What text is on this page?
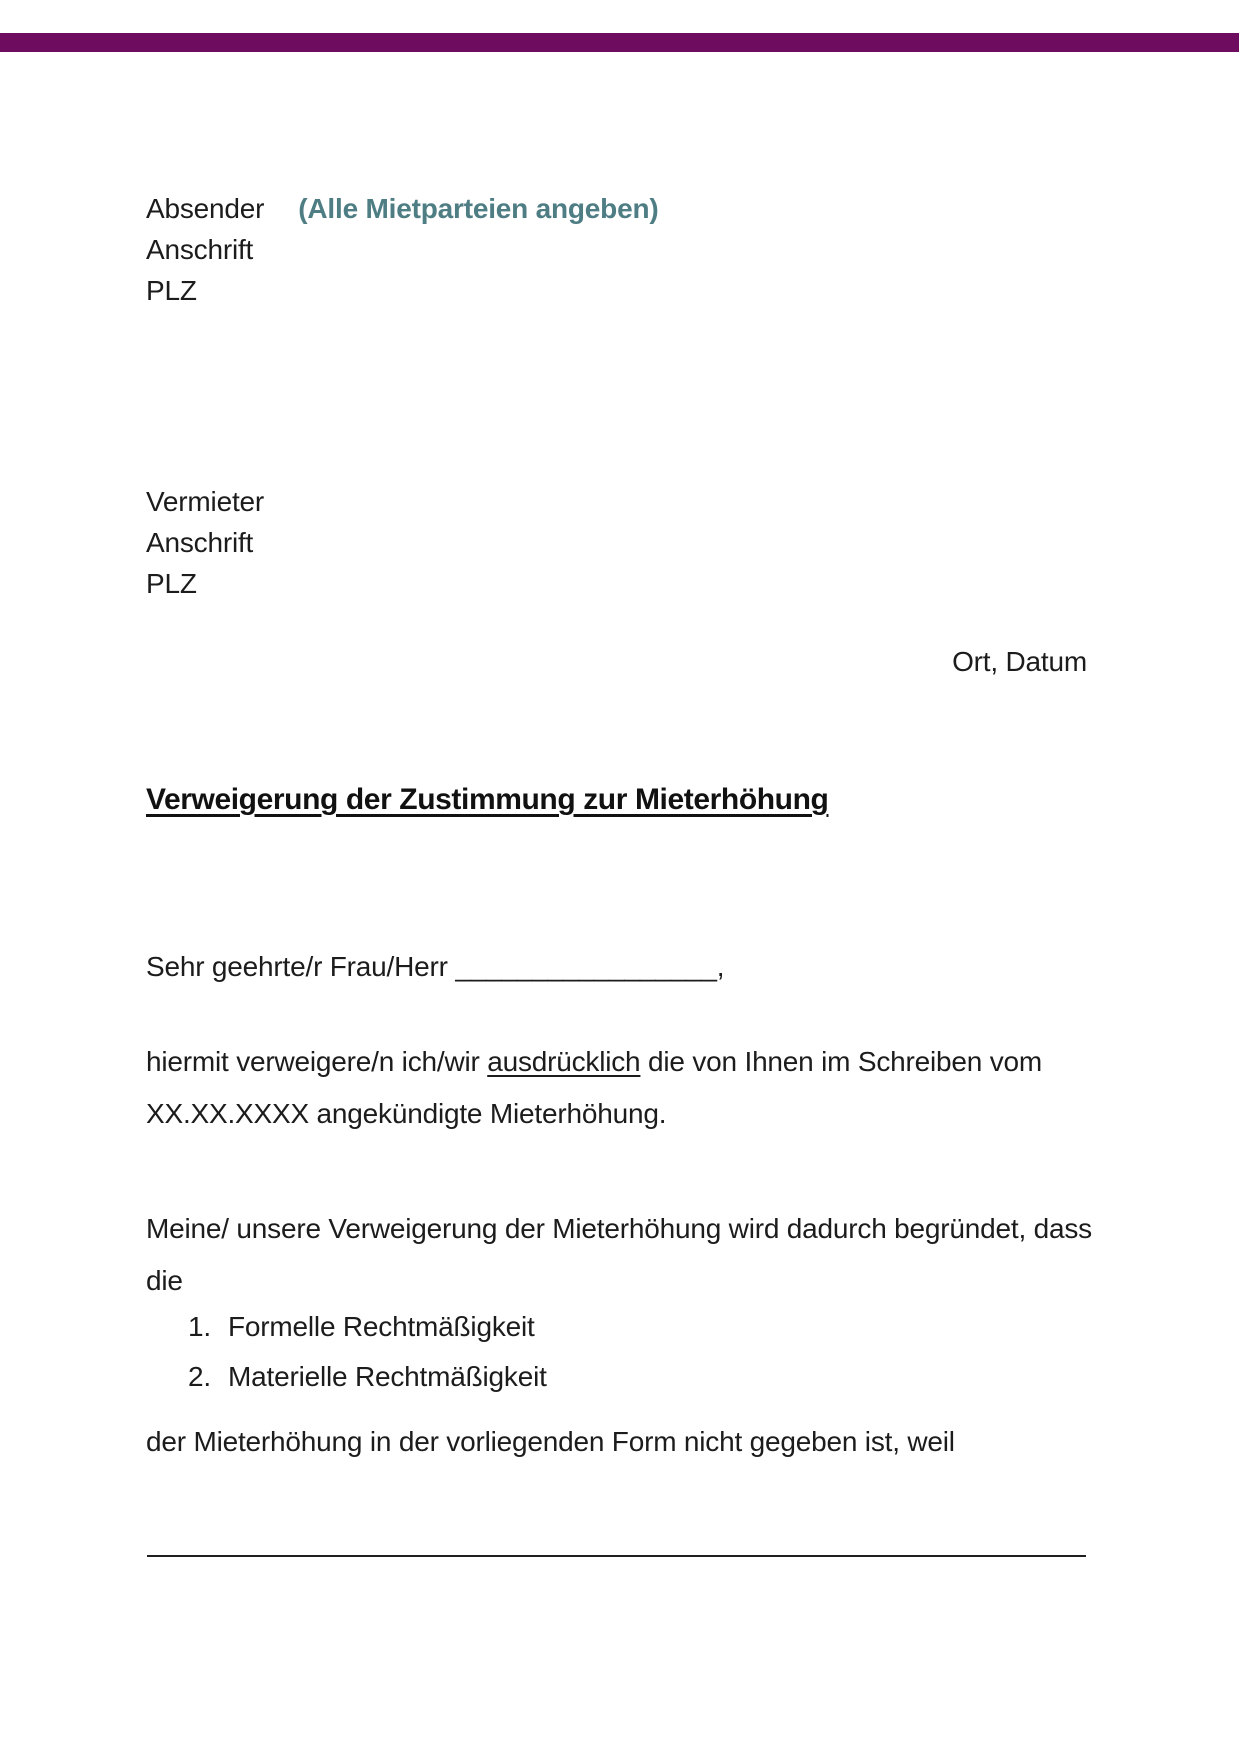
Absender (Alle Mietparteien angeben)
Anschrift
PLZ
Vermieter
Anschrift
PLZ
Ort, Datum
Verweigerung der Zustimmung zur Mieterhöhung
Sehr geehrte/r Frau/Herr _________________,
hiermit verweigere/n ich/wir ausdrücklich die von Ihnen im Schreiben vom XX.XX.XXXX angekündigte Mieterhöhung.
Meine/ unsere Verweigerung der Mieterhöhung wird dadurch begründet, dass die
1. Formelle Rechtmäßigkeit
2. Materielle Rechtmäßigkeit
der Mieterhöhung in der vorliegenden Form nicht gegeben ist, weil
